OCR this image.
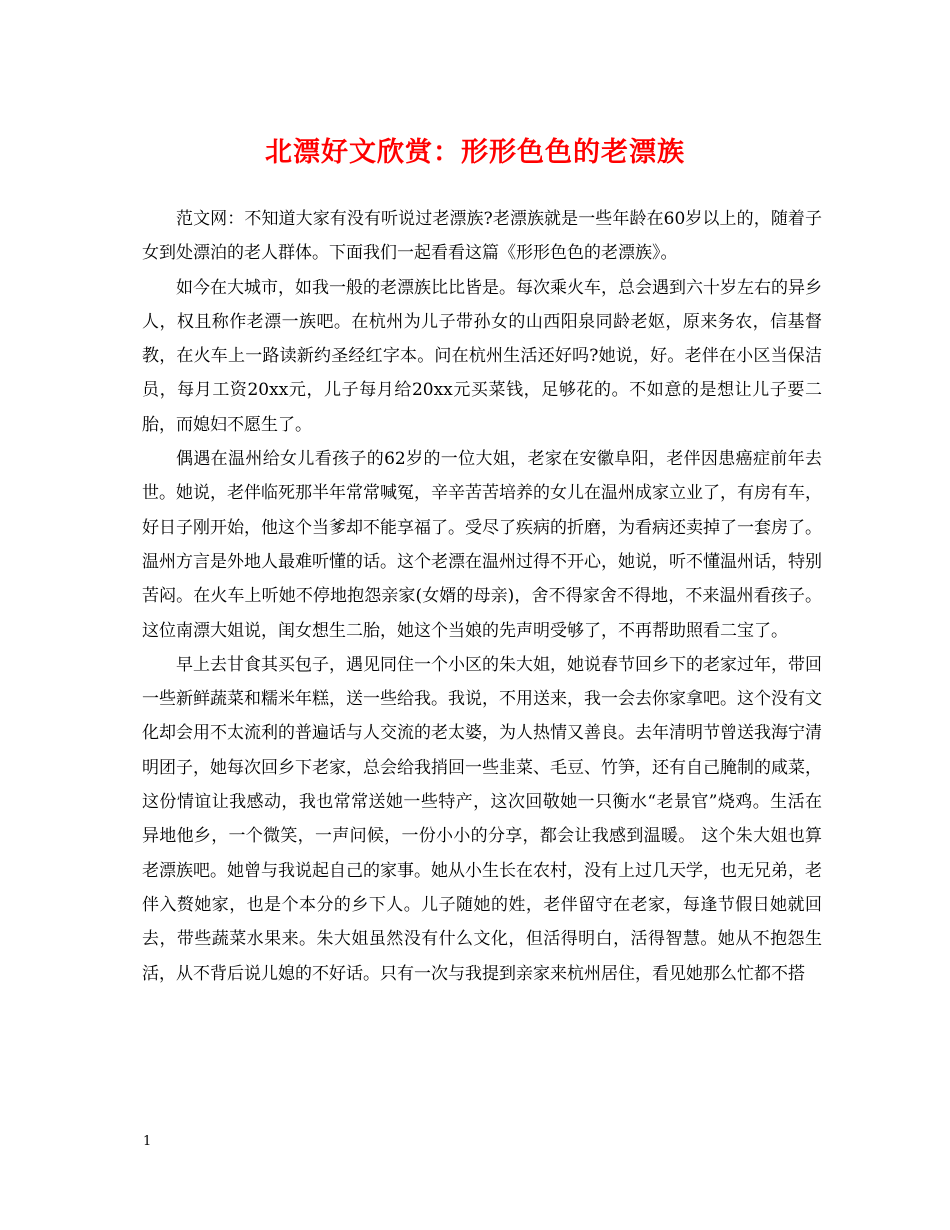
北漂好文欣赏：形形色色的老漂族

范文网：不知道大家有没有听说过老漂族?老漂族就是一些年龄在60岁以上的，随着子女到处漂泊的老人群体。下面我们一起看看这篇《形形色色的老漂族》。

如今在大城市，如我一般的老漂族比比皆是。每次乘火车，总会遇到六十岁左右的异乡人，权且称作老漂一族吧。在杭州为儿子带孙女的山西阳泉同龄老妪，原来务农，信基督教，在火车上一路读新约圣经红字本。问在杭州生活还好吗?她说，好。老伴在小区当保洁员，每月工资20xx元，儿子每月给20xx元买菜钱，足够花的。不如意的是想让儿子要二胎，而媳妇不愿生了。

偶遇在温州给女儿看孩子的62岁的一位大姐，老家在安徽阜阳，老伴因患癌症前年去世。她说，老伴临死那半年常常喊冤，辛辛苦苦培养的女儿在温州成家立业了，有房有车，好日子刚开始，他这个当爹却不能享福了。受尽了疾病的折磨，为看病还卖掉了一套房了。温州方言是外地人最难听懂的话。这个老漂在温州过得不开心，她说，听不懂温州话，特别苦闷。在火车上听她不停地抱怨亲家(女婿的母亲)，舍不得家舍不得地，不来温州看孩子。这位南漂大姐说，闺女想生二胎，她这个当娘的先声明受够了，不再帮助照看二宝了。

早上去甘食其买包子，遇见同住一个小区的朱大姐，她说春节回乡下的老家过年，带回一些新鲜蔬菜和糯米年糕，送一些给我。我说，不用送来，我一会去你家拿吧。这个没有文化却会用不太流利的普遍话与人交流的老太婆，为人热情又善良。去年清明节曾送我海宁清明团子，她每次回乡下老家，总会给我捎回一些韭菜、毛豆、竹笋，还有自己腌制的咸菜，这份情谊让我感动，我也常常送她一些特产，这次回敬她一只衡水“老景官”烧鸡。生活在异地他乡，一个微笑，一声问候，一份小小的分享，都会让我感到温暖。 这个朱大姐也算老漂族吧。她曾与我说起自己的家事。她从小生长在农村，没有上过几天学，也无兄弟，老伴入赘她家，也是个本分的乡下人。儿子随她的姓，老伴留守在老家，每逢节假日她就回去，带些蔬菜水果来。朱大姐虽然没有什么文化，但活得明白，活得智慧。她从不抱怨生活，从不背后说儿媳的不好话。只有一次与我提到亲家来杭州居住，看见她那么忙都不搭

1
